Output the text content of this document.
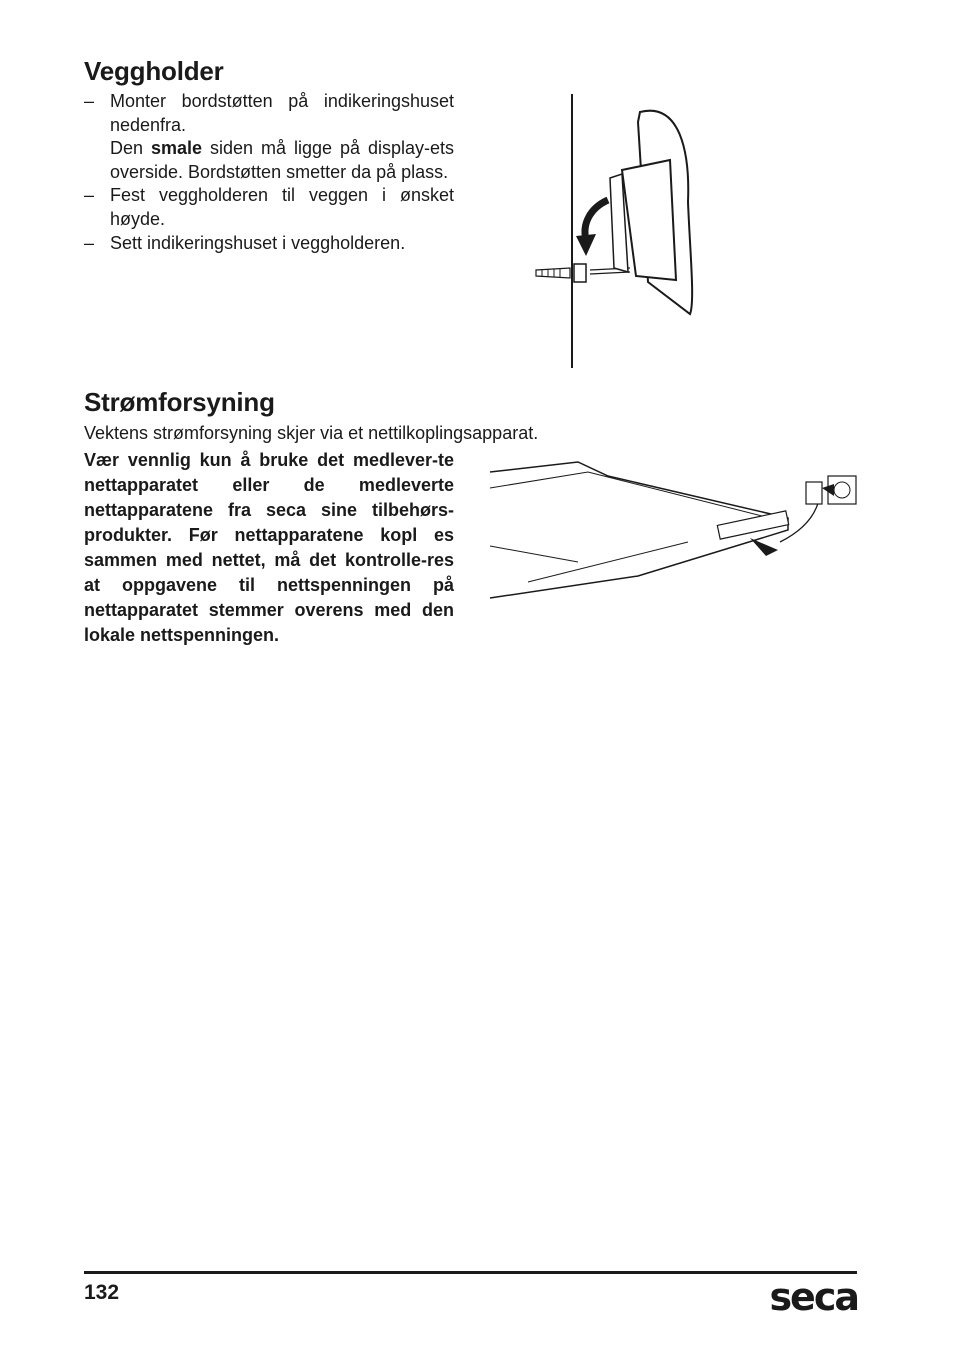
Veggholder
– Monter bordstøtten på indikeringshuset nedenfra.

Den smale siden må ligge på display-ets overside. Bordstøtten smetter da på plass.

– Fest veggholderen til veggen i ønsket høyde.

– Sett indikeringshuset i veggholderen.

Strømforsyning
Vektens strømforsyning skjer via et nettilkoplingsapparat.
Vær vennlig kun å bruke det medlever-te nettapparatet eller de medleverte nettapparatene fra seca sine tilbehørs-produkter. Før nettapparatene kopl es sammen med nettet, må det kontrolle-res at oppgavene til nettspenningen på nettapparatet stemmer overens med den lokale nettspenningen.
132	seca
